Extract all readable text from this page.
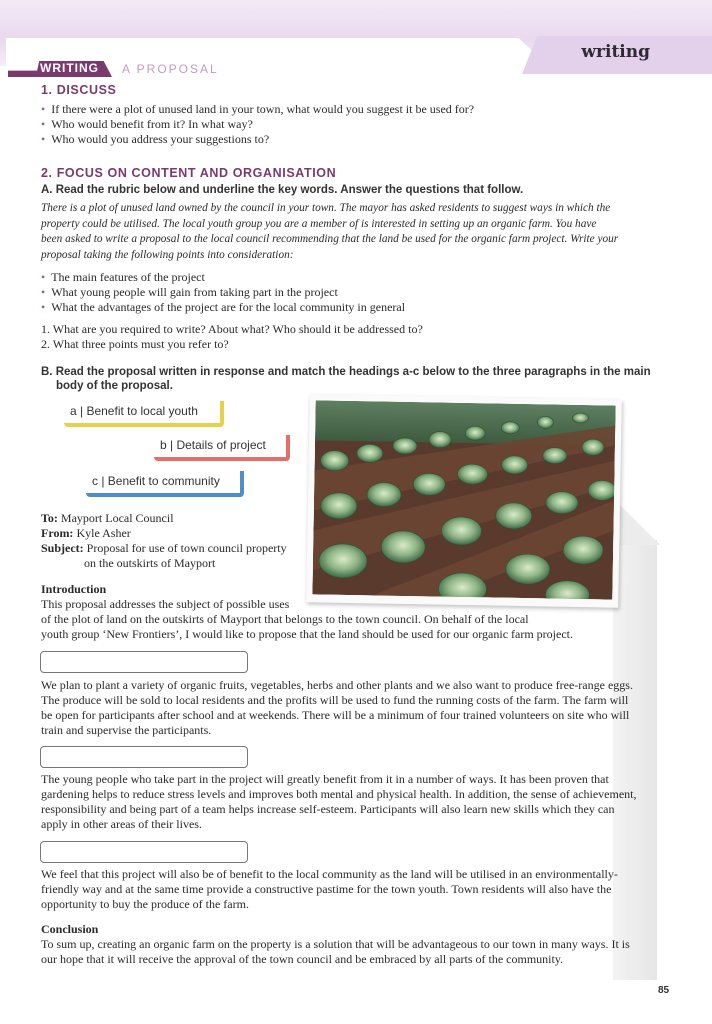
writing
WRITING A PROPOSAL
1. DISCUSS
• If there were a plot of unused land in your town, what would you suggest it be used for?
• Who would benefit from it? In what way?
• Who would you address your suggestions to?
2. FOCUS ON CONTENT AND ORGANISATION
A. Read the rubric below and underline the key words. Answer the questions that follow.
There is a plot of unused land owned by the council in your town. The mayor has asked residents to suggest ways in which the
property could be utilised. The local youth group you are a member of is interested in setting up an organic farm. You have
been asked to write a proposal to the local council recommending that the land be used for the organic farm project. Write your
proposal taking the following points into consideration:
• The main features of the project
• What young people will gain from taking part in the project
• What the advantages of the project are for the local community in general
1. What are you required to write? About what? Who should it be addressed to?
2. What three points must you refer to?
B. Read the proposal written in response and match the headings a-c below to the three paragraphs in the main
body of the proposal.
a | Benefit to local youth
b | Details of project
c | Benefit to community
To: Mayport Local Council
From: Kyle Asher
Subject: Proposal for use of town council property
on the outskirts of Mayport
Introduction
This proposal addresses the subject of possible uses
of the plot of land on the outskirts of Mayport that belongs to the town council. On behalf of the local
youth group ‘New Frontiers’, I would like to propose that the land should be used for our organic farm project.
We plan to plant a variety of organic fruits, vegetables, herbs and other plants and we also want to produce free-range eggs.
The produce will be sold to local residents and the profits will be used to fund the running costs of the farm. The farm will
be open for participants after school and at weekends. There will be a minimum of four trained volunteers on site who will
train and supervise the participants.
The young people who take part in the project will greatly benefit from it in a number of ways. It has been proven that
gardening helps to reduce stress levels and improves both mental and physical health. In addition, the sense of achievement,
responsibility and being part of a team helps increase self-esteem. Participants will also learn new skills which they can
apply in other areas of their lives.
We feel that this project will also be of benefit to the local community as the land will be utilised in an environmentally-
friendly way and at the same time provide a constructive pastime for the town youth. Town residents will also have the
opportunity to buy the produce of the farm.
Conclusion
To sum up, creating an organic farm on the property is a solution that will be advantageous to our town in many ways. It is
our hope that it will receive the approval of the town council and be embraced by all parts of the community.
85
